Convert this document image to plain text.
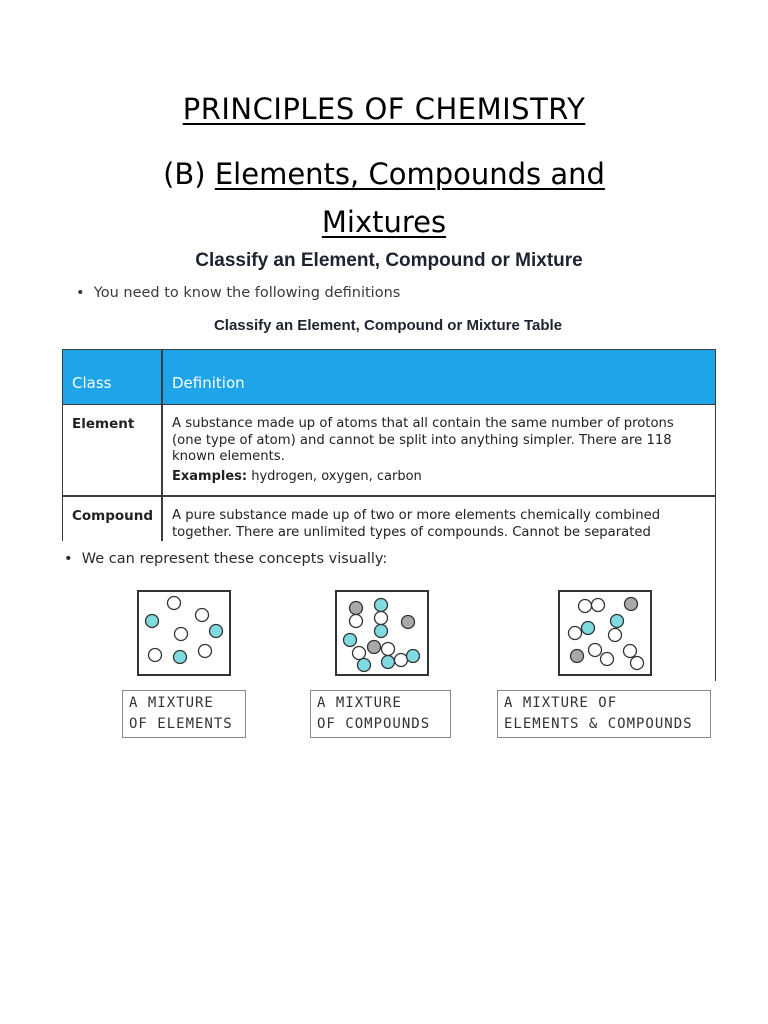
PRINCIPLES OF CHEMISTRY
(B) Elements, Compounds and
Mixtures
Classify an Element, Compound or Mixture
•  You need to know the following definitions
Classify an Element, Compound or Mixture Table
Class	Definition
Element	A substance made up of atoms that all contain the same number of protons
(one type of atom) and cannot be split into anything simpler. There are 118
known elements.
Examples: hydrogen, oxygen, carbon
Compound A pure substance made up of two or more elements chemically combined
together. There are unlimited types of compounds. Cannot be separated
•  We can represent these concepts visually:
A MIXTURE
OF ELEMENTS
A MIXTURE
OF COMPOUNDS
A MIXTURE OF
ELEMENTS & COMPOUNDS
